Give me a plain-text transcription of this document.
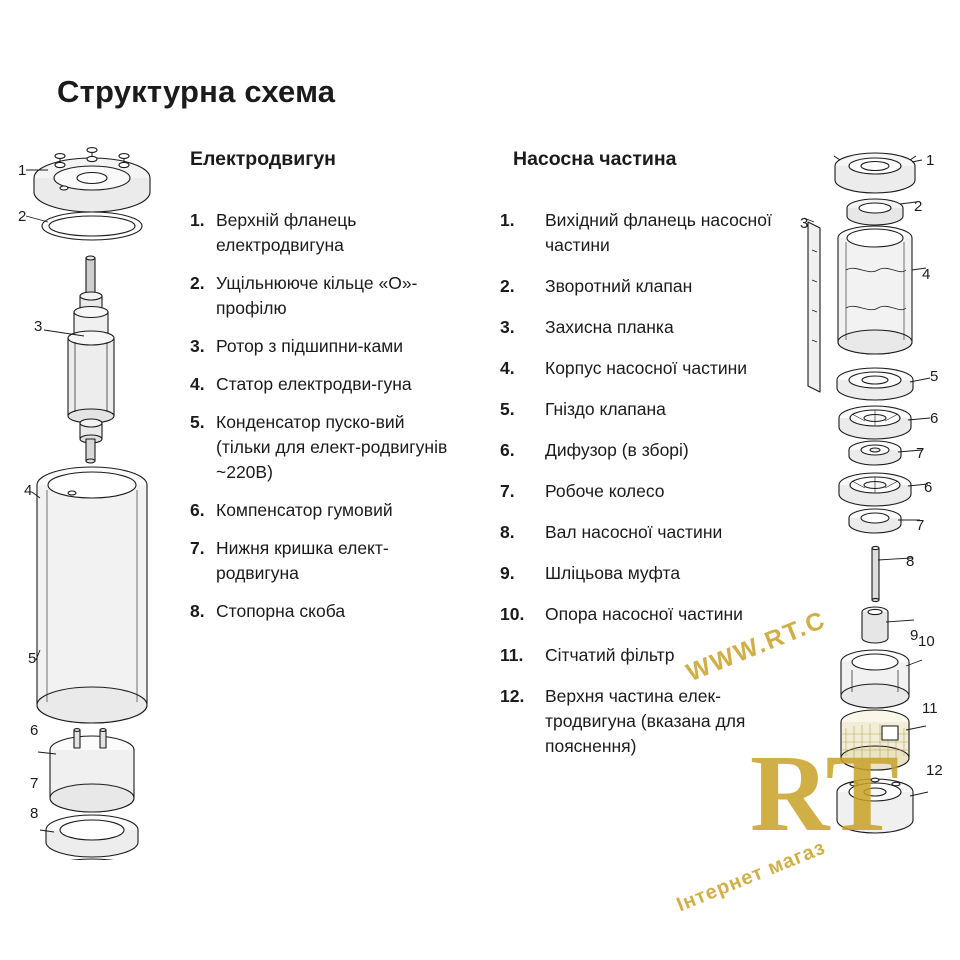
Структурна схема
1
2
3
4
5
6
7
8
1
2
3
4
5
6
7
6
7
8
9 10
11
12
Електродвигун
1. Верхній фланець електродвигуна
2. Ущільнюючe кільце «О»-профілю
3. Ротор з підшипни-ками
4. Статор електродви-гуна
5. Конденсатор пуско-вий (тільки для елект-родвигунів ~220В)
6. Компенсатор гумовий
7. Нижня кришка елект-родвигуна
8. Стопорна скоба
Насосна частина
1.	Вихідний фланець насосної частини
2.	Зворотний клапан
3.	Захисна планка
4.	Корпус насосної частини
5.	Гніздо клапана
6.	Дифузор (в зборі)
7.	Робоче колесо
8.	Вал насосної частини
9.	Шліцьова муфта
10.	Опора насосної частини
11.	Сітчатий фільтр
12.	Верхня частина елек-тродвигуна (вказана для пояснення)
WWW.RT.C
RT
Інтернет магаз
